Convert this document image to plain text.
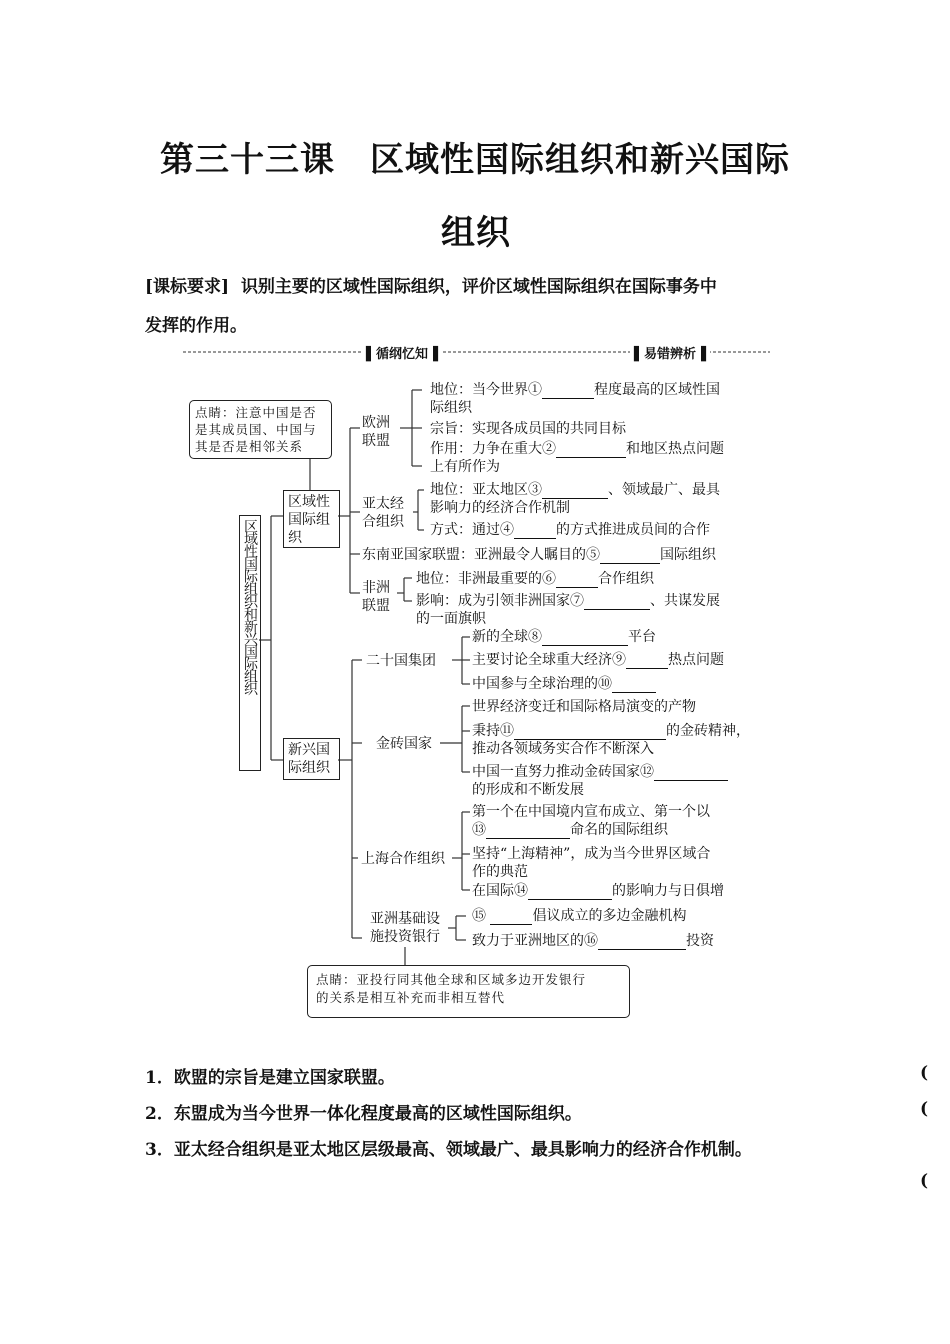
第三十三课　区域性国际组织和新兴国际
组织
[课标要求] 识别主要的区域性国际组织，评价区域性国际组织在国际事务中
发挥的作用。
▌循纲忆知▐	▌易错辨析▐
点睛：注意中国是否
是其成员国、中国与
其是否是相邻关系
区域性国际组织和新兴国际组织
区域性
国际组
织
新兴国
际组织
点睛：亚投行同其他全球和区域多边开发银行
的关系是相互补充而非相互替代
欧洲
联盟
地位：当今世界①	程度最高的区域性国
际组织
宗旨：实现各成员国的共同目标
作用：力争在重大②	和地区热点问题
上有所作为
亚太经
合组织
地位：亚太地区③	、领域最广、最具
影响力的经济合作机制
方式：通过④	的方式推进成员间的合作
东南亚国家联盟：亚洲最令人瞩目的⑤	国际组织
非洲
联盟
地位：非洲最重要的⑥	合作组织
影响：成为引领非洲国家⑦	、共谋发展
的一面旗帜
二十国集团
新的全球⑧	平台
主要讨论全球重大经济⑨	热点问题
中国参与全球治理的⑩
金砖国家
世界经济变迁和国际格局演变的产物
秉持⑪	的金砖精神，
推动各领域务实合作不断深入
中国一直努力推动金砖国家⑫
的形成和不断发展
上海合作组织
第一个在中国境内宣布成立、第一个以
⑬	命名的国际组织
坚持“上海精神”，成为当今世界区域合
作的典范
在国际⑭	的影响力与日俱增
亚洲基础设
施投资银行
⑮	倡议成立的多边金融机构
致力于亚洲地区的⑯	投资
1．欧盟的宗旨是建立国家联盟。	(
2．东盟成为当今世界一体化程度最高的区域性国际组织。	(
3．亚太经合组织是亚太地区层级最高、领域最广、最具影响力的经济合作机制。
(
